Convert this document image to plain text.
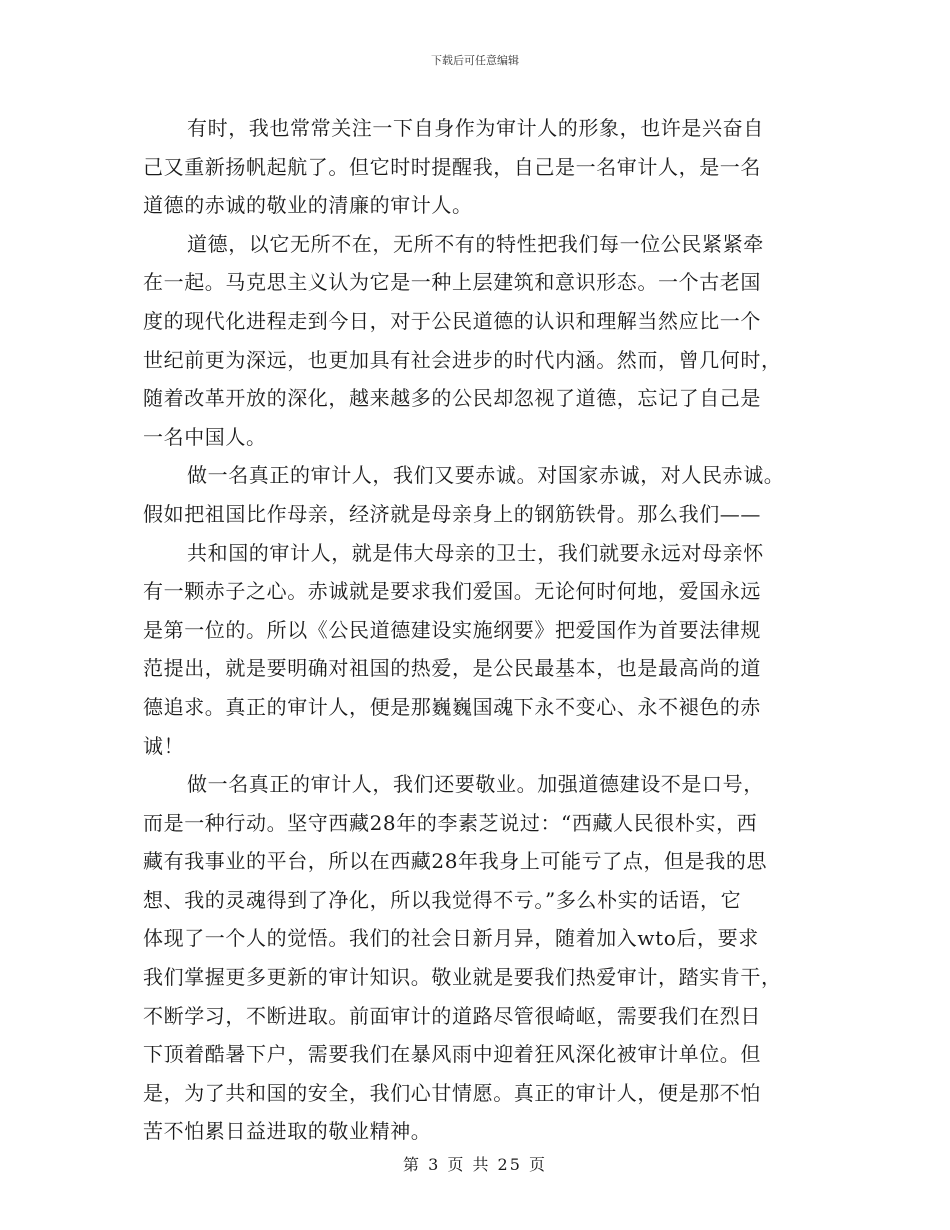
下载后可任意编辑
有时，我也常常关注一下自身作为审计人的形象，也许是兴奋自
己又重新扬帆起航了。但它时时提醒我，自己是一名审计人，是一名
道德的赤诚的敬业的清廉的审计人。
道德，以它无所不在，无所不有的特性把我们每一位公民紧紧牵
在一起。马克思主义认为它是一种上层建筑和意识形态。一个古老国
度的现代化进程走到今日，对于公民道德的认识和理解当然应比一个
世纪前更为深远，也更加具有社会进步的时代内涵。然而，曾几何时，
随着改革开放的深化，越来越多的公民却忽视了道德，忘记了自己是
一名中国人。
做一名真正的审计人，我们又要赤诚。对国家赤诚，对人民赤诚。
假如把祖国比作母亲，经济就是母亲身上的钢筋铁骨。那么我们——
共和国的审计人，就是伟大母亲的卫士，我们就要永远对母亲怀
有一颗赤子之心。赤诚就是要求我们爱国。无论何时何地，爱国永远
是第一位的。所以《公民道德建设实施纲要》把爱国作为首要法律规
范提出，就是要明确对祖国的热爱，是公民最基本，也是最高尚的道
德追求。真正的审计人，便是那巍巍国魂下永不变心、永不褪色的赤
诚！
做一名真正的审计人，我们还要敬业。加强道德建设不是口号，
而是一种行动。坚守西藏28年的李素芝说过：“西藏人民很朴实，西
藏有我事业的平台，所以在西藏28年我身上可能亏了点，但是我的思
想、我的灵魂得到了净化，所以我觉得不亏。”多么朴实的话语，它
体现了一个人的觉悟。我们的社会日新月异，随着加入wto后，要求
我们掌握更多更新的审计知识。敬业就是要我们热爱审计，踏实肯干，
不断学习，不断进取。前面审计的道路尽管很崎岖，需要我们在烈日
下顶着酷暑下户，需要我们在暴风雨中迎着狂风深化被审计单位。但
是，为了共和国的安全，我们心甘情愿。真正的审计人，便是那不怕
苦不怕累日益进取的敬业精神。
第 3 页 共 25 页
